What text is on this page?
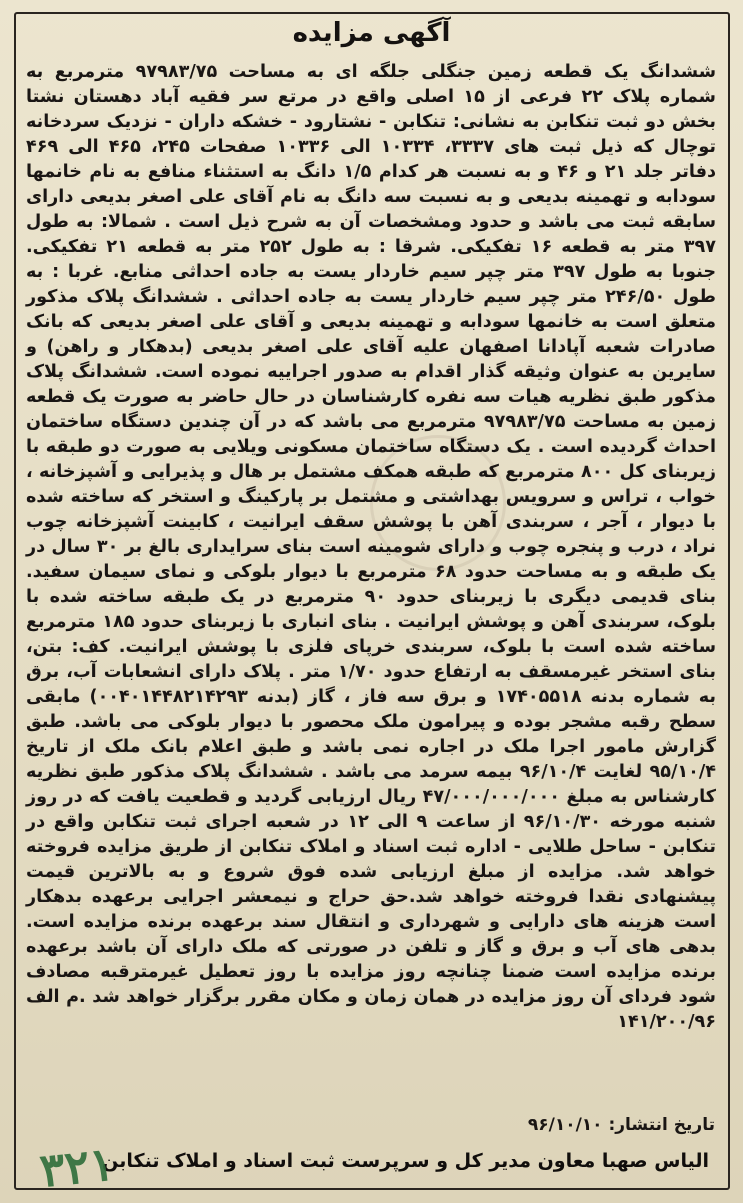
آگهی مزایده

ششدانگ یک قطعه زمین جنگلی جلگه ای به مساحت ۹۷۹۸۳/۷۵ مترمربع به شماره پلاک ۲۲ فرعی از ۱۵ اصلی واقع در مرتع سر فقیه آباد دهستان نشتا بخش دو ثبت تنکابن به نشانی: تنکابن - نشتارود - خشکه داران - نزدیک سردخانه توچال که ذیل ثبت های ۳۳۳۷، ۱۰۳۳۴ الی ۱۰۳۳۶ صفحات ۲۴۵، ۴۶۵ الی ۴۶۹ دفاتر جلد ۲۱ و ۴۶ و به نسبت هر کدام ۱/۵ دانگ به استثناء منافع به نام خانمها سودابه و تهمینه بدیعی و به نسبت سه دانگ به نام آقای علی اصغر بدیعی دارای سابقه ثبت می باشد و حدود ومشخصات آن به شرح ذیل است . شمالا: به طول ۳۹۷ متر به قطعه ۱۶ تفکیکی. شرقا : به طول ۲۵۲ متر به قطعه ۲۱ تفکیکی. جنوبا به طول ۳۹۷ متر چپر سیم خاردار یست به جاده احداثی منابع. غربا : به طول ۲۴۶/۵۰ متر چپر سیم خاردار یست به جاده احداثی . ششدانگ پلاک مذکور متعلق است به خانمها سودابه و تهمینه بدیعی و آقای علی اصغر بدیعی که بانک صادرات شعبه آپادانا اصفهان علیه آقای علی اصغر بدیعی (بدهکار و راهن) و سایرین به عنوان وثیقه گذار اقدام به صدور اجراییه نموده است. ششدانگ پلاک مذکور طبق نظریه هیات سه نفره کارشناسان در حال حاضر به صورت یک قطعه زمین به مساحت ۹۷۹۸۳/۷۵ مترمربع می باشد که در آن چندین دستگاه ساختمان احداث گردیده است . یک دستگاه ساختمان مسکونی ویلایی به صورت دو طبقه با زیربنای کل ۸۰۰ مترمربع که طبقه همکف مشتمل بر هال و پذیرایی و آشپزخانه ، خواب ، تراس و سرویس بهداشتی و مشتمل بر پارکینگ و استخر که ساخته شده با دیوار ، آجر ، سربندی آهن با پوشش سقف ایرانیت ، کابینت آشپزخانه چوب نراد ، درب و پنجره چوب و دارای شومینه است بنای سرایداری بالغ بر ۳۰ سال در یک طبقه و به مساحت حدود ۶۸ مترمربع با دیوار بلوکی و نمای سیمان سفید. بنای قدیمی دیگری با زیربنای حدود ۹۰ مترمربع در یک طبقه ساخته شده با بلوک، سربندی آهن و پوشش ایرانیت . بنای انباری با زیربنای حدود ۱۸۵ مترمربع ساخته شده است با بلوک، سربندی خرپای فلزی با پوشش ایرانیت. کف: بتن، بنای استخر غیرمسقف به ارتفاع حدود ۱/۷۰ متر . پلاک دارای انشعابات آب، برق به شماره بدنه ۱۷۴۰۵۵۱۸ و برق سه فاز ، گاز (بدنه ۰۰۴۰۱۴۴۸۲۱۴۲۹۳) مابقی سطح رقبه مشجر بوده و پیرامون ملک محصور با دیوار بلوکی می باشد. طبق گزارش مامور اجرا ملک در اجاره نمی باشد و طبق اعلام بانک ملک از تاریخ ۹۵/۱۰/۴ لغایت ۹۶/۱۰/۴ بیمه سرمد می باشد . ششدانگ پلاک مذکور طبق نظریه کارشناس به مبلغ ۴۷/۰۰۰/۰۰۰/۰۰۰ ریال ارزیابی گردید و قطعیت یافت که در روز شنبه مورخه ۹۶/۱۰/۳۰ از ساعت ۹ الی ۱۲ در شعبه اجرای ثبت تنکابن واقع در تنکابن - ساحل طلایی - اداره ثبت اسناد و املاک تنکابن از طریق مزایده فروخته خواهد شد. مزایده از مبلغ ارزیابی شده فوق شروع و به بالاترین قیمت پیشنهادی نقدا فروخته خواهد شد.حق حراج و نیمعشر اجرایی برعهده بدهکار است هزینه های دارایی و شهرداری و انتقال سند برعهده برنده مزایده است. بدهی های آب و برق و گاز و تلفن در صورتی که ملک دارای آن باشد برعهده برنده مزایده است ضمنا چنانچه روز مزایده با روز تعطیل غیرمترقبه مصادف شود فردای آن روز مزایده در همان زمان و مکان مقرر برگزار خواهد شد .م الف ۱۴۱/۲۰۰/۹۶

تاریخ انتشار: ۹۶/۱۰/۱۰
الیاس صهبا معاون مدیر کل و سرپرست ثبت اسناد و املاک تنکابن
۳۲۱
